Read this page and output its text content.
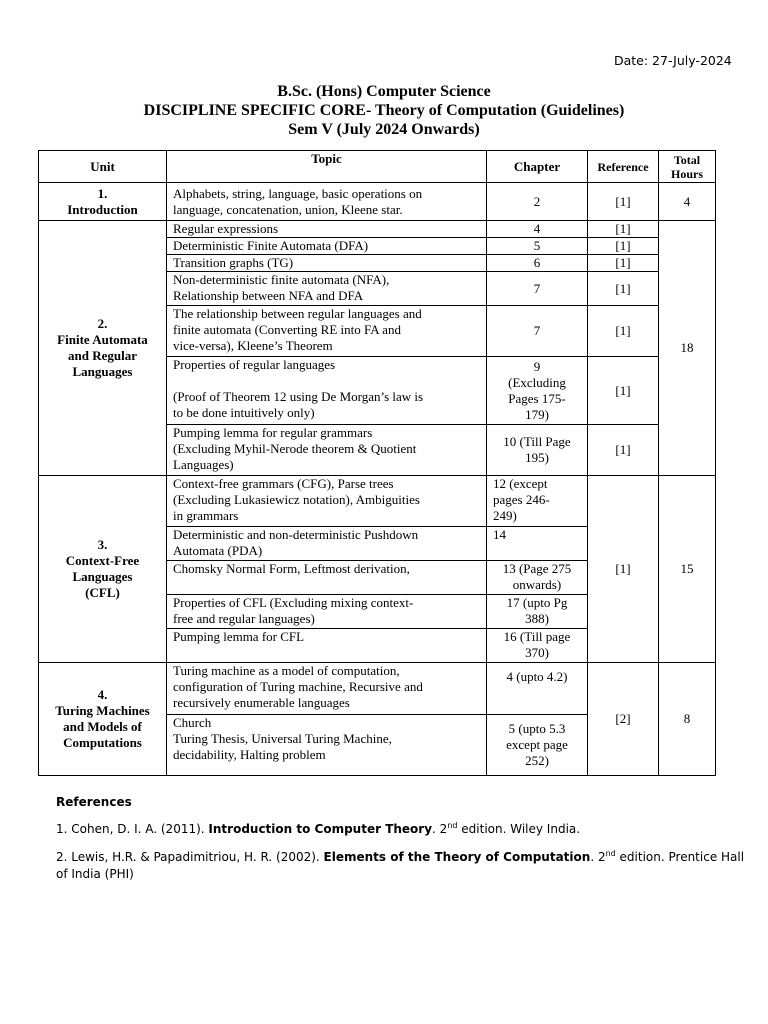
Date: 27-July-2024
B.Sc. (Hons) Computer Science
DISCIPLINE SPECIFIC CORE- Theory of Computation (Guidelines)
Sem V (July 2024 Onwards)
Unit	Topic	Chapter	Reference	Total
Hours

1.
Introduction	Alphabets, string, language, basic operations on
language, concatenation, union, Kleene star.	2	[1]	4

2.
Finite Automata
and Regular
Languages	Regular expressions	4	[1]	18
	Deterministic Finite Automata (DFA)	5	[1]	
	Transition graphs (TG)	6	[1]	

	Non-deterministic finite automata (NFA),
Relationship between NFA and DFA	7	[1]	

	The relationship between regular languages and
finite automata (Converting RE into FA and
vice-versa), Kleene’s Theorem	7	[1]	

	Properties of regular languages
(Proof of Theorem 12 using De Morgan’s law is
to be done intuitively only)	9
(Excluding
Pages 175-
179)	[1]	

	Pumping lemma for regular grammars
(Excluding Myhil-Nerode theorem & Quotient
Languages)	10 (Till Page
195)	[1]	

3.
Context-Free
Languages
(CFL)	Context-free grammars (CFG), Parse trees
(Excluding Lukasiewicz notation), Ambiguities
in grammars	12 (except
pages 246-
249)	[1]	15

	Deterministic and non-deterministic Pushdown
Automata (PDA)	14		
	Chomsky Normal Form, Leftmost derivation,	13 (Page 275
onwards)		

	Properties of CFL (Excluding mixing context-
free and regular languages)	17 (upto Pg
388)		

	Pumping lemma for CFL	16 (Till page
370)		

4.
Turing Machines
and Models of
Computations	Turing machine as a model of computation,
configuration of Turing machine, Recursive and
recursively enumerable languages	4 (upto 4.2)	[2]	8

	Church
Turing Thesis, Universal Turing Machine,
decidability, Halting problem	5 (upto 5.3
except page
252)		
References

1. Cohen, D. I. A. (2011). Introduction to Computer Theory. 2nd edition. Wiley India.

2. Lewis, H.R. & Papadimitriou, H. R. (2002). Elements of the Theory of Computation. 2nd edition. Prentice Hall of India (PHI)
